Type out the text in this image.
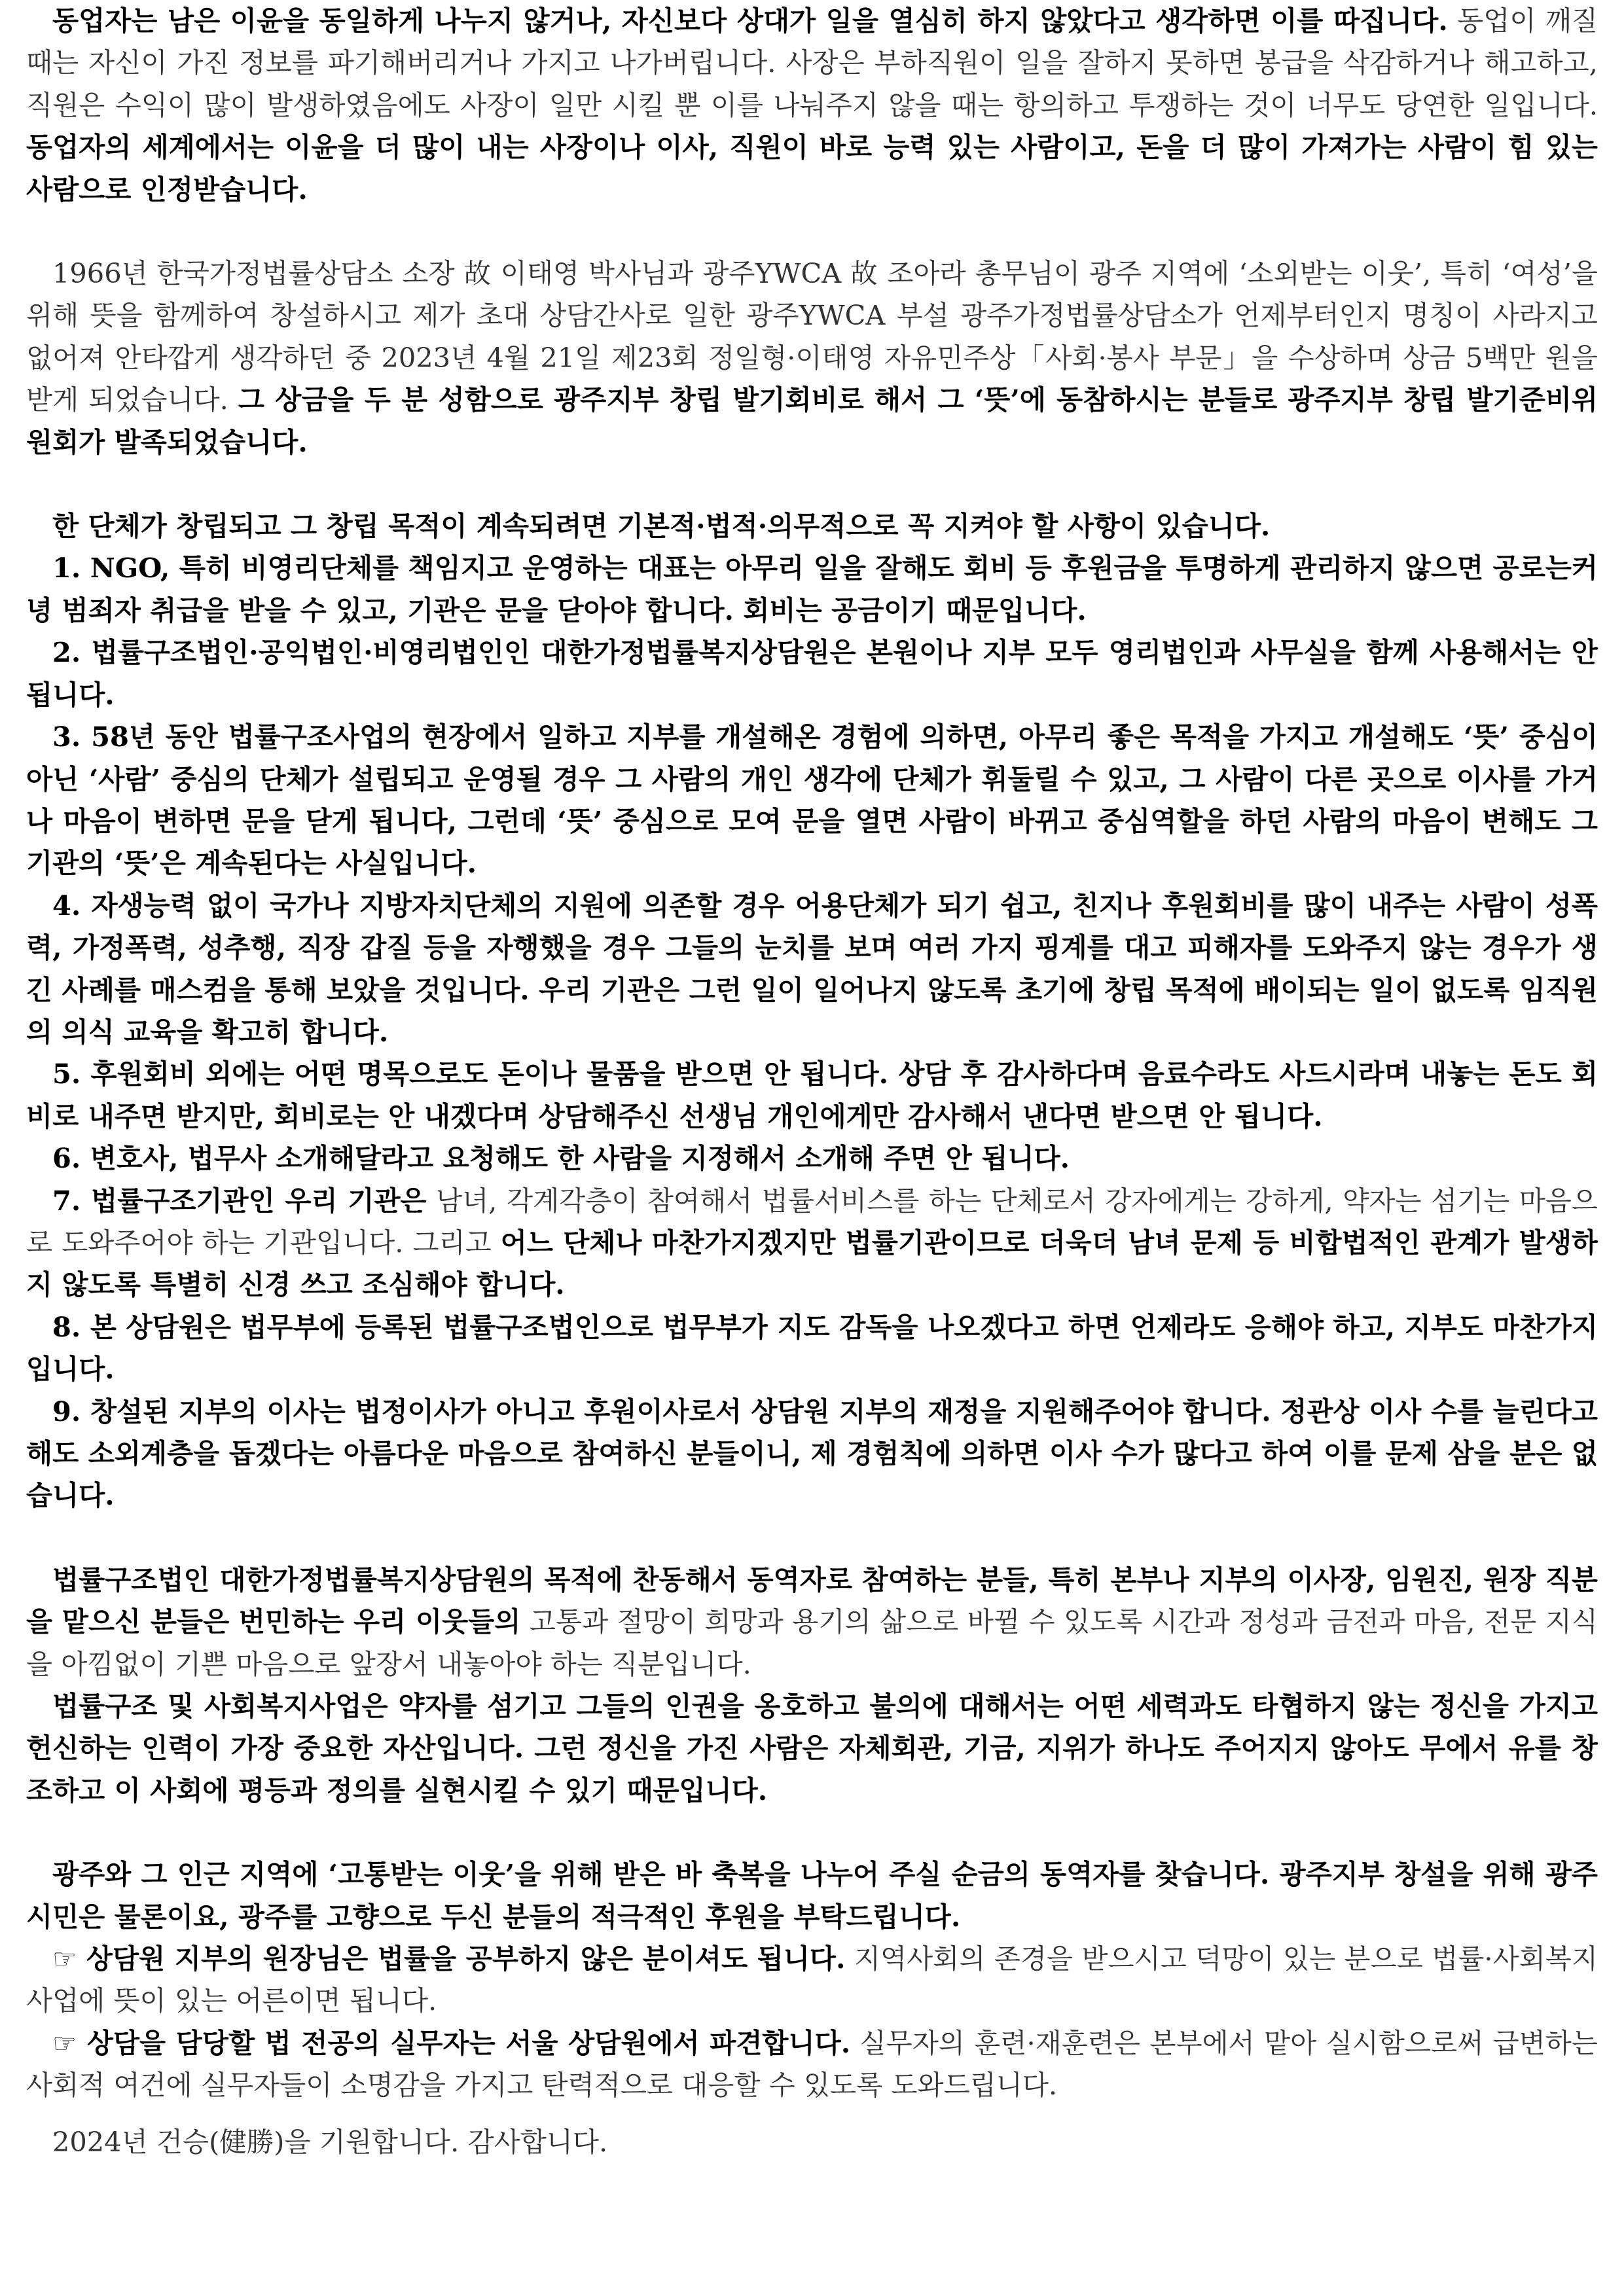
동업자는 남은 이윤을 동일하게 나누지 않거나, 자신보다 상대가 일을 열심히 하지 않았다고 생각하면 이를 따집니다. 동업이 깨질 때는 자신이 가진 정보를 파기해버리거나 가지고 나가버립니다. 사장은 부하직원이 일을 잘하지 못하면 봉급을 삭감하거나 해고하고, 직원은 수익이 많이 발생하였음에도 사장이 일만 시킬 뿐 이를 나눠주지 않을 때는 항의하고 투쟁하는 것이 너무도 당연한 일입니다. 동업자의 세계에서는 이윤을 더 많이 내는 사장이나 이사, 직원이 바로 능력 있는 사람이고, 돈을 더 많이 가져가는 사람이 힘 있는 사람으로 인정받습니다.

1966년 한국가정법률상담소 소장 故 이태영 박사님과 광주YWCA 故 조아라 총무님이 광주 지역에 ‘소외받는 이웃’, 특히 ‘여성’을 위해 뜻을 함께하여 창설하시고 제가 초대 상담간사로 일한 광주YWCA 부설 광주가정법률상담소가 언제부터인지 명칭이 사라지고 없어져 안타깝게 생각하던 중 2023년 4월 21일 제23회 정일형·이태영 자유민주상「사회·봉사 부문」을 수상하며 상금 5백만 원을 받게 되었습니다. 그 상금을 두 분 성함으로 광주지부 창립 발기회비로 해서 그 ‘뜻’에 동참하시는 분들로 광주지부 창립 발기준비위원회가 발족되었습니다.

한 단체가 창립되고 그 창립 목적이 계속되려면 기본적·법적·의무적으로 꼭 지켜야 할 사항이 있습니다.

1. NGO, 특히 비영리단체를 책임지고 운영하는 대표는 아무리 일을 잘해도 회비 등 후원금을 투명하게 관리하지 않으면 공로는커녕 범죄자 취급을 받을 수 있고, 기관은 문을 닫아야 합니다. 회비는 공금이기 때문입니다.

2. 법률구조법인·공익법인·비영리법인인 대한가정법률복지상담원은 본원이나 지부 모두 영리법인과 사무실을 함께 사용해서는 안 됩니다.

3. 58년 동안 법률구조사업의 현장에서 일하고 지부를 개설해온 경험에 의하면, 아무리 좋은 목적을 가지고 개설해도 ‘뜻’ 중심이 아닌 ‘사람’ 중심의 단체가 설립되고 운영될 경우 그 사람의 개인 생각에 단체가 휘둘릴 수 있고, 그 사람이 다른 곳으로 이사를 가거나 마음이 변하면 문을 닫게 됩니다, 그런데 ‘뜻’ 중심으로 모여 문을 열면 사람이 바뀌고 중심역할을 하던 사람의 마음이 변해도 그 기관의 ‘뜻’은 계속된다는 사실입니다.

4. 자생능력 없이 국가나 지방자치단체의 지원에 의존할 경우 어용단체가 되기 쉽고, 친지나 후원회비를 많이 내주는 사람이 성폭력, 가정폭력, 성추행, 직장 갑질 등을 자행했을 경우 그들의 눈치를 보며 여러 가지 핑계를 대고 피해자를 도와주지 않는 경우가 생긴 사례를 매스컴을 통해 보았을 것입니다. 우리 기관은 그런 일이 일어나지 않도록 초기에 창립 목적에 배이되는 일이 없도록 임직원의 의식 교육을 확고히 합니다.

5. 후원회비 외에는 어떤 명목으로도 돈이나 물품을 받으면 안 됩니다. 상담 후 감사하다며 음료수라도 사드시라며 내놓는 돈도 회비로 내주면 받지만, 회비로는 안 내겠다며 상담해주신 선생님 개인에게만 감사해서 낸다면 받으면 안 됩니다.

6. 변호사, 법무사 소개해달라고 요청해도 한 사람을 지정해서 소개해 주면 안 됩니다.

7. 법률구조기관인 우리 기관은 남녀, 각계각층이 참여해서 법률서비스를 하는 단체로서 강자에게는 강하게, 약자는 섬기는 마음으로 도와주어야 하는 기관입니다. 그리고 어느 단체나 마찬가지겠지만 법률기관이므로 더욱더 남녀 문제 등 비합법적인 관계가 발생하지 않도록 특별히 신경 쓰고 조심해야 합니다.

8. 본 상담원은 법무부에 등록된 법률구조법인으로 법무부가 지도 감독을 나오겠다고 하면 언제라도 응해야 하고, 지부도 마찬가지입니다.

9. 창설된 지부의 이사는 법정이사가 아니고 후원이사로서 상담원 지부의 재정을 지원해주어야 합니다. 정관상 이사 수를 늘린다고 해도 소외계층을 돕겠다는 아름다운 마음으로 참여하신 분들이니, 제 경험칙에 의하면 이사 수가 많다고 하여 이를 문제 삼을 분은 없습니다.

법률구조법인 대한가정법률복지상담원의 목적에 찬동해서 동역자로 참여하는 분들, 특히 본부나 지부의 이사장, 임원진, 원장 직분을 맡으신 분들은 번민하는 우리 이웃들의 고통과 절망이 희망과 용기의 삶으로 바뀔 수 있도록 시간과 정성과 금전과 마음, 전문 지식을 아낌없이 기쁜 마음으로 앞장서 내놓아야 하는 직분입니다.

법률구조 및 사회복지사업은 약자를 섬기고 그들의 인권을 옹호하고 불의에 대해서는 어떤 세력과도 타협하지 않는 정신을 가지고 헌신하는 인력이 가장 중요한 자산입니다. 그런 정신을 가진 사람은 자체회관, 기금, 지위가 하나도 주어지지 않아도 무에서 유를 창조하고 이 사회에 평등과 정의를 실현시킬 수 있기 때문입니다.

광주와 그 인근 지역에 ‘고통받는 이웃’을 위해 받은 바 축복을 나누어 주실 순금의 동역자를 찾습니다. 광주지부 창설을 위해 광주시민은 물론이요, 광주를 고향으로 두신 분들의 적극적인 후원을 부탁드립니다.

☞ 상담원 지부의 원장님은 법률을 공부하지 않은 분이셔도 됩니다. 지역사회의 존경을 받으시고 덕망이 있는 분으로 법률·사회복지사업에 뜻이 있는 어른이면 됩니다.

☞ 상담을 담당할 법 전공의 실무자는 서울 상담원에서 파견합니다. 실무자의 훈련·재훈련은 본부에서 맡아 실시함으로써 급변하는 사회적 여건에 실무자들이 소명감을 가지고 탄력적으로 대응할 수 있도록 도와드립니다.

2024년 건승(健勝)을 기원합니다. 감사합니다.
